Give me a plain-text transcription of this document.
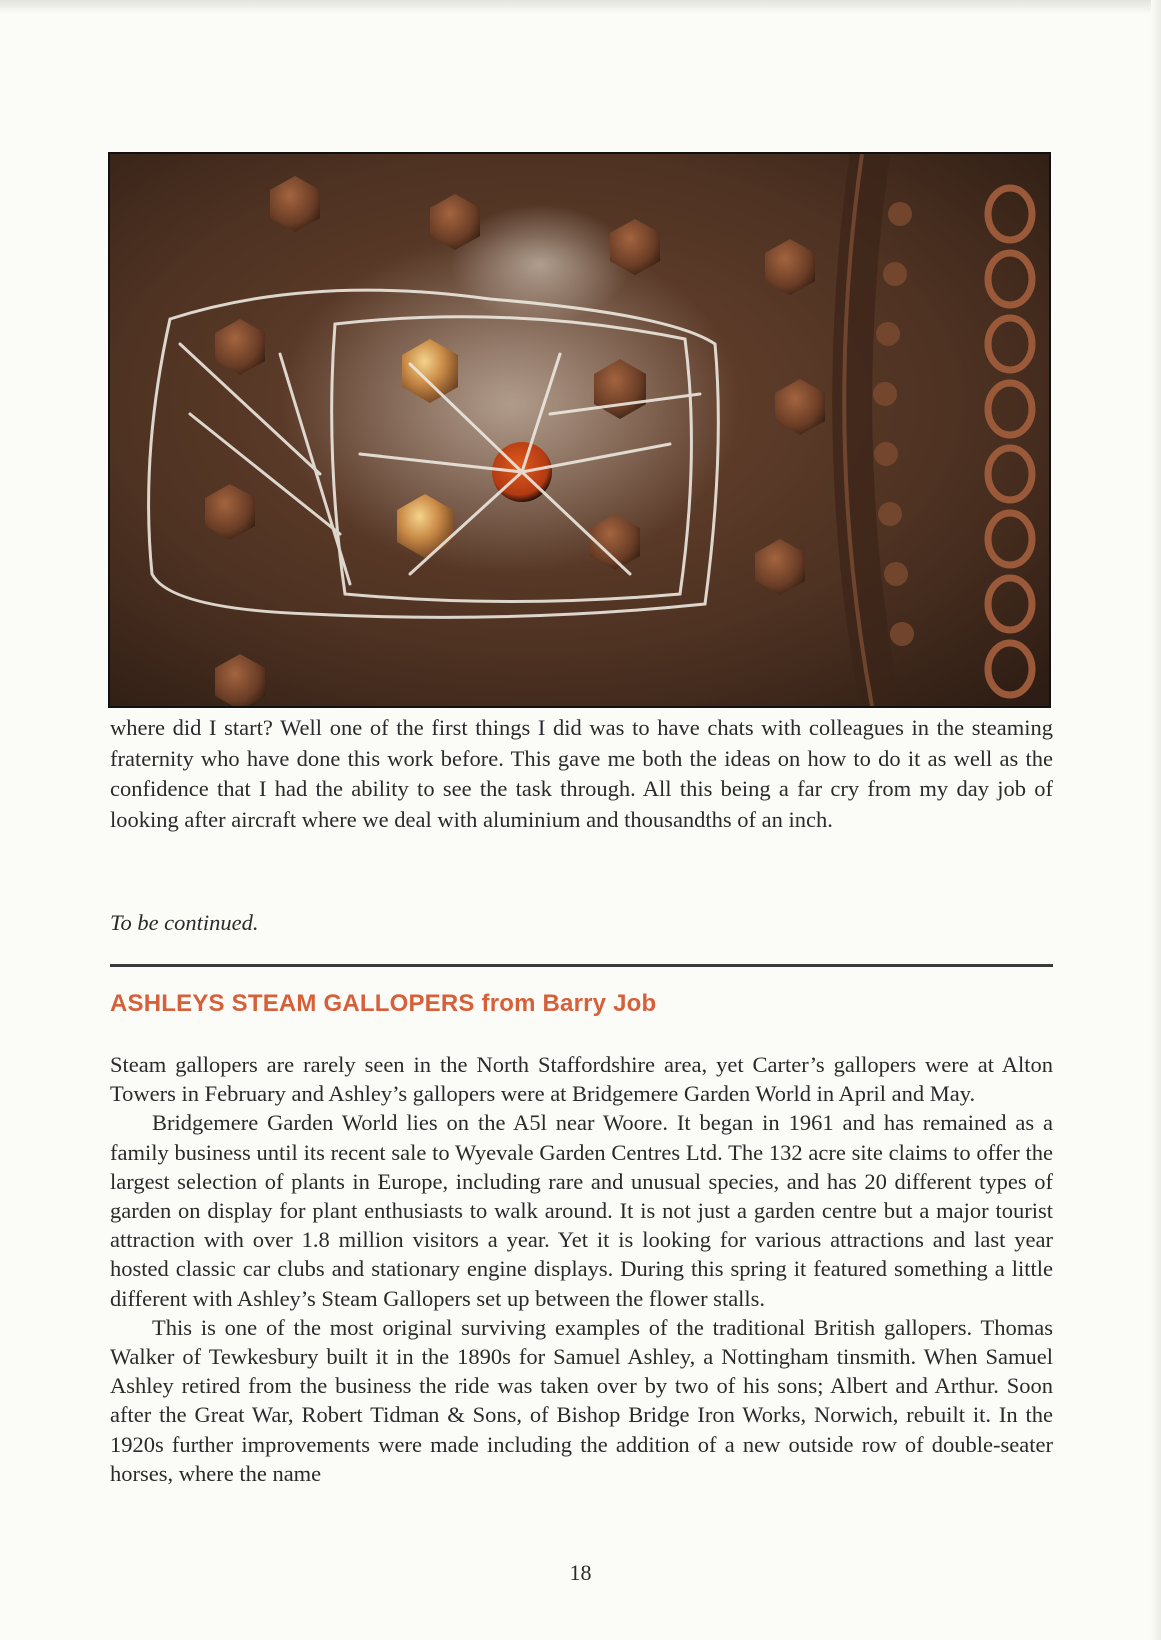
where did I start? Well one of the first things I did was to have chats with colleagues in the steaming fraternity who have done this work before. This gave me both the ideas on how to do it as well as the confidence that I had the ability to see the task through. All this being a far cry from my day job of looking after aircraft where we deal with aluminium and thousandths of an inch.

To be continued.

ASHLEYS STEAM GALLOPERS from Barry Job

Steam gallopers are rarely seen in the North Staffordshire area, yet Carter’s gallopers were at Alton Towers in February and Ashley’s gallopers were at Bridgemere Garden World in April and May.

Bridgemere Garden World lies on the A5l near Woore. It began in 1961 and has remained as a family business until its recent sale to Wyevale Garden Centres Ltd. The 132 acre site claims to offer the largest selection of plants in Europe, including rare and unusual species, and has 20 different types of garden on display for plant enthusiasts to walk around. It is not just a garden centre but a major tourist attraction with over 1.8 million visitors a year. Yet it is looking for various attractions and last year hosted classic car clubs and stationary engine displays. During this spring it featured something a little different with Ashley’s Steam Gallopers set up between the flower stalls.

This is one of the most original surviving examples of the traditional British gallopers. Thomas Walker of Tewkesbury built it in the 1890s for Samuel Ashley, a Nottingham tinsmith. When Samuel Ashley retired from the business the ride was taken over by two of his sons; Albert and Arthur. Soon after the Great War, Robert Tidman & Sons, of Bishop Bridge Iron Works, Norwich, rebuilt it. In the 1920s further improvements were made including the addition of a new outside row of double-seater horses, where the name

18
